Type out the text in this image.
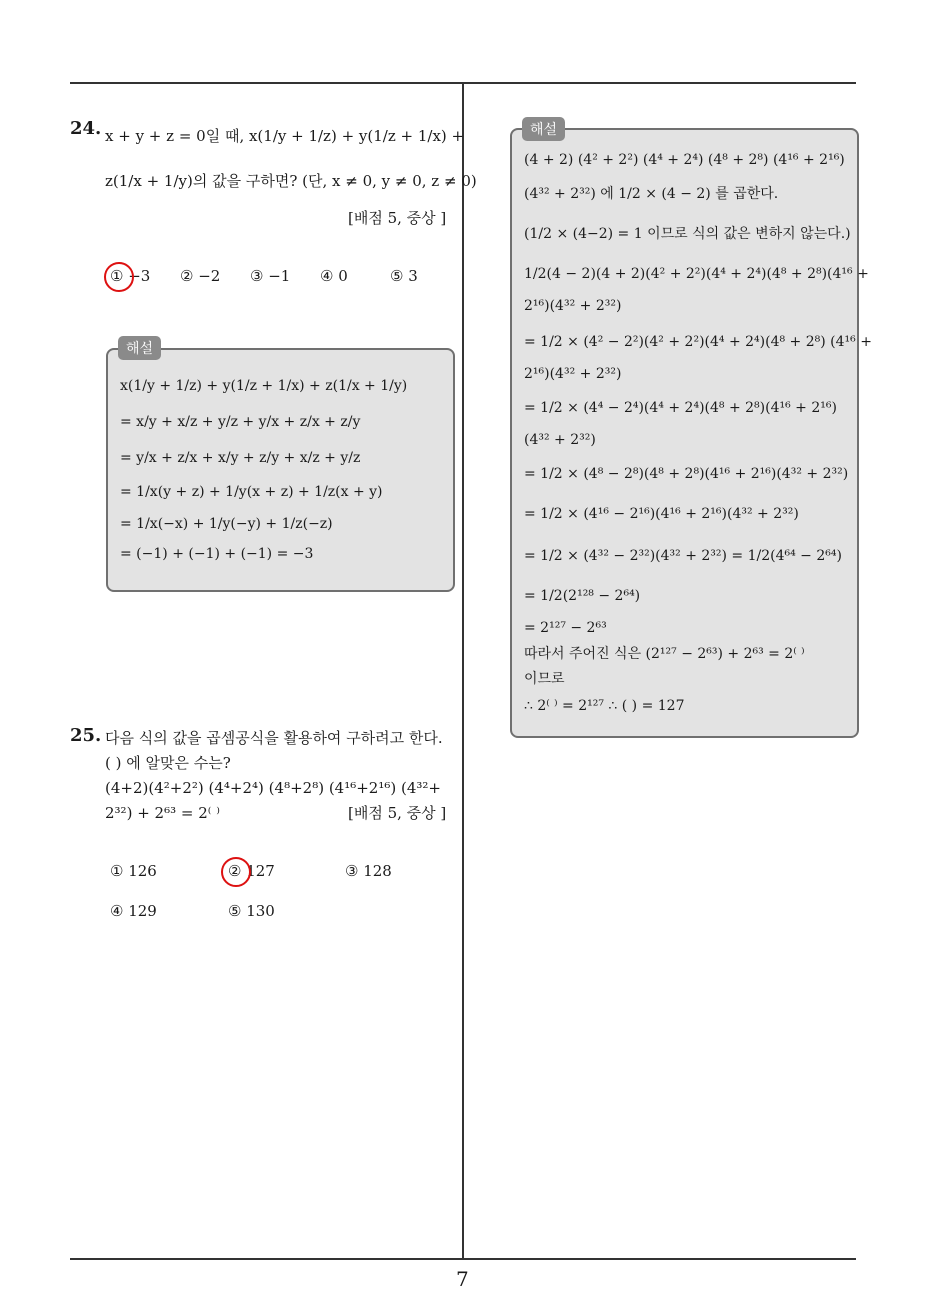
24. x + y + z = 0일 때, x(1/y + 1/z) + y(1/z + 1/x) +
z(1/x + 1/y)의 값을 구하면? (단, x ≠ 0, y ≠ 0, z ≠ 0)
[배점 5, 중상 ]
① −3 ② −2 ③ −1 ④ 0	⑤ 3
x(1/y + 1/z) + y(1/z + 1/x) + z(1/x + 1/y)
= x/y + x/z + y/z + y/x + z/x + z/y
= y/x + z/x + x/y + z/y + x/z + y/z
= 1/x(y + z) + 1/y(x + z) + 1/z(x + y)
= 1/x(−x) + 1/y(−y) + 1/z(−z)
= (−1) + (−1) + (−1) = −3
해설
25. 다음 식의 값을 곱셈공식을 활용하여 구하려고 한다.
( ) 에 알맞은 수는?
(4+2)(4²+2²) (4⁴+2⁴) (4⁸+2⁸) (4¹⁶+2¹⁶) (4³²+
2³²) + 2⁶³ = 2⁽ ⁾	[배점 5, 중상 ]
① 126	② 127	③ 128
④ 129	⑤ 130
(4 + 2) (4² + 2²) (4⁴ + 2⁴) (4⁸ + 2⁸) (4¹⁶ + 2¹⁶)
(4³² + 2³²) 에 1/2 × (4 − 2) 를 곱한다.
(1/2 × (4−2) = 1 이므로 식의 값은 변하지 않는다.)
1/2(4 − 2)(4 + 2)(4² + 2²)(4⁴ + 2⁴)(4⁸ + 2⁸)(4¹⁶ +
2¹⁶)(4³² + 2³²)
= 1/2 × (4² − 2²)(4² + 2²)(4⁴ + 2⁴)(4⁸ + 2⁸) (4¹⁶ +
2¹⁶)(4³² + 2³²)
= 1/2 × (4⁴ − 2⁴)(4⁴ + 2⁴)(4⁸ + 2⁸)(4¹⁶ + 2¹⁶)
(4³² + 2³²)
= 1/2 × (4⁸ − 2⁸)(4⁸ + 2⁸)(4¹⁶ + 2¹⁶)(4³² + 2³²)
= 1/2 × (4¹⁶ − 2¹⁶)(4¹⁶ + 2¹⁶)(4³² + 2³²)
= 1/2 × (4³² − 2³²)(4³² + 2³²) = 1/2(4⁶⁴ − 2⁶⁴)
= 1/2(2¹²⁸ − 2⁶⁴)
= 2¹²⁷ − 2⁶³
따라서 주어진 식은 (2¹²⁷ − 2⁶³) + 2⁶³ = 2⁽ ⁾
이므로
∴ 2⁽ ⁾ = 2¹²⁷ ∴ ( ) = 127
해설
7
